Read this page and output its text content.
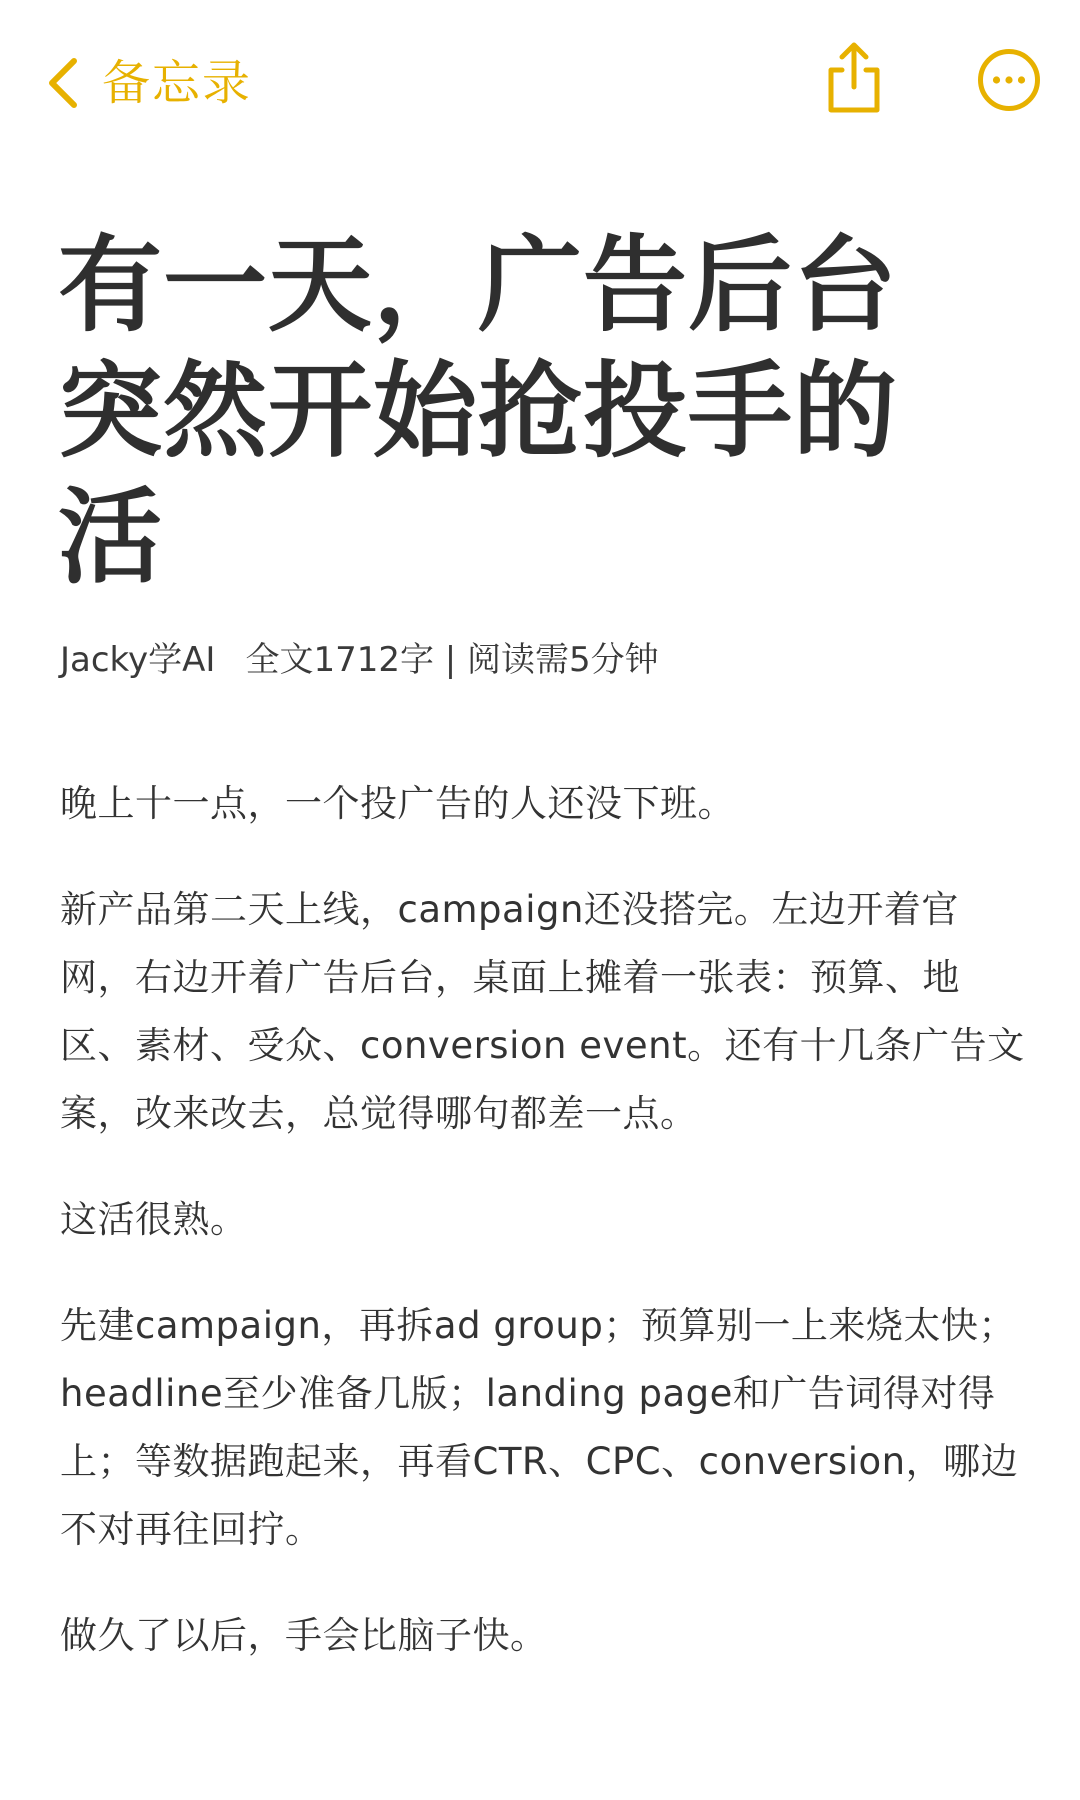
备忘录
有一天，广告后台突然开始抢投手的活
Jacky学AI 全文1712字 | 阅读需5分钟

晚上十一点，一个投广告的人还没下班。

新产品第二天上线，campaign还没搭完。左边开着官网，右边开着广告后台，桌面上摊着一张表：预算、地区、素材、受众、conversion event。还有十几条广告文案，改来改去，总觉得哪句都差一点。

这活很熟。

先建campaign，再拆ad group；预算别一上来烧太快；headline至少准备几版；landing page和广告词得对得上；等数据跑起来，再看CTR、CPC、conversion，哪边不对再往回拧。

做久了以后，手会比脑子快。
